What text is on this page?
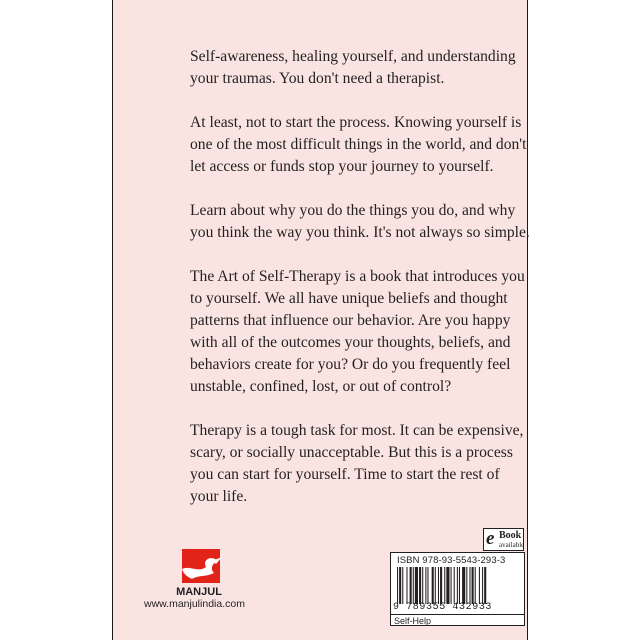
Self-awareness, healing yourself, and understanding your traumas. You don't need a therapist.

At least, not to start the process. Knowing yourself is one of the most difficult things in the world, and don't let access or funds stop your journey to yourself.

Learn about why you do the things you do, and why you think the way you think. It's not always so simple.

The Art of Self-Therapy is a book that introduces you to yourself. We all have unique beliefs and thought patterns that influence our behavior. Are you happy with all of the outcomes your thoughts, beliefs, and behaviors create for you? Or do you frequently feel unstable, confined, lost, or out of control?

Therapy is a tough task for most. It can be expensive, scary, or socially unacceptable. But this is a process you can start for yourself. Time to start the rest of your life.

MANJUL
www.manjulindia.com
e Book
available
ISBN 978-93-5543-293-3
9 789355 432933
Self-Help
